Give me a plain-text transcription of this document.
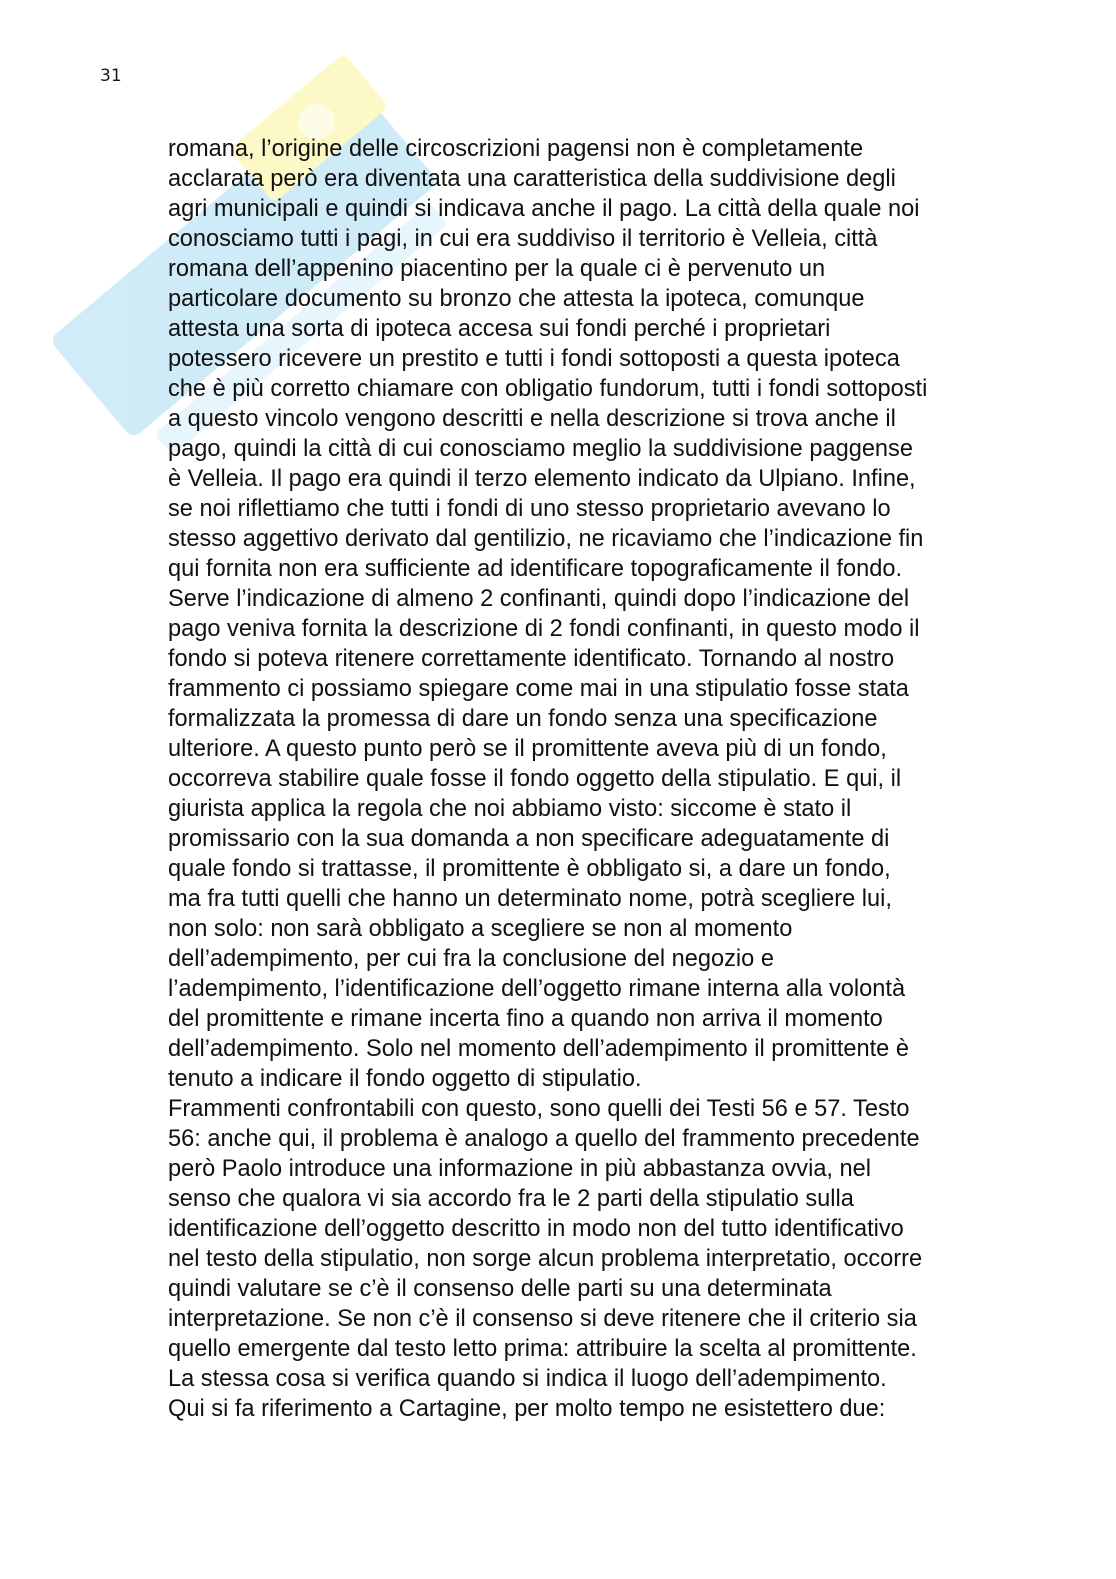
31
romana, l’origine delle circoscrizioni pagensi non è completamente
acclarata però era diventata una caratteristica della suddivisione degli
agri municipali e quindi si indicava anche il pago. La città della quale noi
conosciamo tutti i pagi, in cui era suddiviso il territorio è Velleia, città
romana dell’appenino piacentino per la quale ci è pervenuto un
particolare documento su bronzo che attesta la ipoteca, comunque
attesta una sorta di ipoteca accesa sui fondi perché i proprietari
potessero ricevere un prestito e tutti i fondi sottoposti a questa ipoteca
che è più corretto chiamare con obligatio fundorum, tutti i fondi sottoposti
a questo vincolo vengono descritti e nella descrizione si trova anche il
pago, quindi la città di cui conosciamo meglio la suddivisione paggense
è Velleia. Il pago era quindi il terzo elemento indicato da Ulpiano. Infine,
se noi riflettiamo che tutti i fondi di uno stesso proprietario avevano lo
stesso aggettivo derivato dal gentilizio, ne ricaviamo che l’indicazione fin
qui fornita non era sufficiente ad identificare topograficamente il fondo.
Serve l’indicazione di almeno 2 confinanti, quindi dopo l’indicazione del
pago veniva fornita la descrizione di 2 fondi confinanti, in questo modo il
fondo si poteva ritenere correttamente identificato. Tornando al nostro
frammento ci possiamo spiegare come mai in una stipulatio fosse stata
formalizzata la promessa di dare un fondo senza una specificazione
ulteriore. A questo punto però se il promittente aveva più di un fondo,
occorreva stabilire quale fosse il fondo oggetto della stipulatio. E qui, il
giurista applica la regola che noi abbiamo visto: siccome è stato il
promissario con la sua domanda a non specificare adeguatamente di
quale fondo si trattasse, il promittente è obbligato si, a dare un fondo,
ma fra tutti quelli che hanno un determinato nome, potrà scegliere lui,
non solo: non sarà obbligato a scegliere se non al momento
dell’adempimento, per cui fra la conclusione del negozio e
l’adempimento, l’identificazione dell’oggetto rimane interna alla volontà
del promittente e rimane incerta fino a quando non arriva il momento
dell’adempimento. Solo nel momento dell’adempimento il promittente è
tenuto a indicare il fondo oggetto di stipulatio.
Frammenti confrontabili con questo, sono quelli dei Testi 56 e 57. Testo
56: anche qui, il problema è analogo a quello del frammento precedente
però Paolo introduce una informazione in più abbastanza ovvia, nel
senso che qualora vi sia accordo fra le 2 parti della stipulatio sulla
identificazione dell’oggetto descritto in modo non del tutto identificativo
nel testo della stipulatio, non sorge alcun problema interpretatio, occorre
quindi valutare se c’è il consenso delle parti su una determinata
interpretazione. Se non c’è il consenso si deve ritenere che il criterio sia
quello emergente dal testo letto prima: attribuire la scelta al promittente.
La stessa cosa si verifica quando si indica il luogo dell’adempimento.
Qui si fa riferimento a Cartagine, per molto tempo ne esistettero due:
